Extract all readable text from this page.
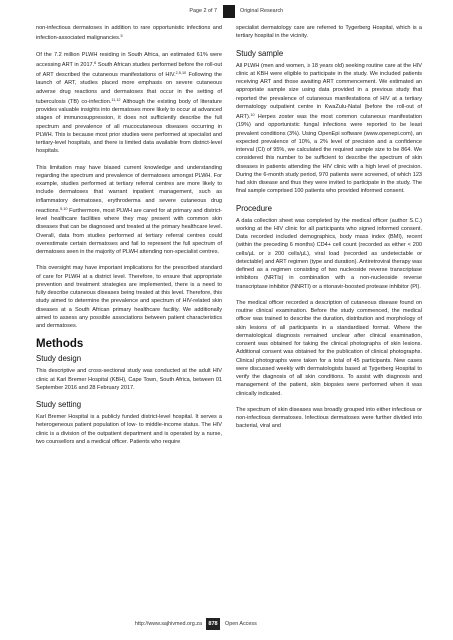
Page 2 of 7	Original Research

non-infectious dermatoses in addition to rare opportunistic infections and infection-associated malignancies.$^5$

Of the 7.2 million PLWH residing in South Africa, an estimated 61% were accessing ART in 2017.$^6$ South African studies performed before the roll-out of ART described the cutaneous manifestations of HIV.$^{2,5,10}$ Following the launch of ART, studies placed more emphasis on severe cutaneous adverse drug reactions and dermatoses that occur in the setting of tuberculosis (TB) co-infection.$^{11,12}$ Although the existing body of literature provides valuable insights into dermatoses more likely to occur at advanced stages of immunosuppression, it does not sufficiently describe the full spectrum and prevalence of all mucocutaneous diseases occurring in PLWH. This is because most prior studies were performed at specialist and tertiary-level hospitals, and there is limited data available from district-level hospitals.

This limitation may have biased current knowledge and understanding regarding the spectrum and prevalence of dermatoses amongst PLWH. For example, studies performed at tertiary referral centres are more likely to include dermatoses that warrant inpatient management, such as inflammatory dermatoses, erythroderma and severe cutaneous drug reactions.$^{5,10}$ Furthermore, most PLWH are cared for at primary and district-level healthcare facilities where they may present with common skin diseases that can be diagnosed and treated at the primary healthcare level. Overall, data from studies performed at tertiary referral centres could overestimate certain dermatoses and fail to represent the full spectrum of dermatoses seen in the majority of PLWH attending non-specialist centres.

This oversight may have important implications for the prescribed standard of care for PLWH at a district level. Therefore, to ensure that appropriate prevention and treatment strategies are implemented, there is a need to fully describe cutaneous diseases being treated at this level. Therefore, this study aimed to determine the prevalence and spectrum of HIV-related skin diseases at a South African primary healthcare facility. We additionally aimed to assess any possible associations between patient characteristics and dermatoses.

Methods
Study design

This descriptive and cross-sectional study was conducted at the adult HIV clinic at Karl Bremer Hospital (KBH), Cape Town, South Africa, between 01 September 2016 and 28 February 2017.

Study setting

Karl Bremer Hospital is a publicly funded district-level hospital. It serves a heterogeneous patient population of low- to middle-income status. The HIV clinic is a division of the outpatient department and is operated by a nurse, two counsellors and a medical officer. Patients who require

specialist dermatology care are referred to Tygerberg Hospital, which is a tertiary hospital in the vicinity.

Study sample

All PLWH (men and women, ≥ 18 years old) seeking routine care at the HIV clinic at KBH were eligible to participate in the study. We included patients receiving ART and those awaiting ART commencement. We estimated an appropriate sample size using data provided in a previous study that reported the prevalence of cutaneous manifestations of HIV at a tertiary dermatology outpatient centre in KwaZulu-Natal (before the roll-out of ART).$^{10}$ Herpes zoster was the most common cutaneous manifestation (19%) and opportunistic fungal infections were reported to be least prevalent conditions (3%). Using OpenEpi software (www.openepi.com), an expected prevalence of 10%, a 2% level of precision and a confidence interval (CI) of 95%, we calculated the required sample size to be 864. We considered this number to be sufficient to describe the spectrum of skin diseases in patients attending the HIV clinic with a high level of precision. During the 6-month study period, 970 patients were screened, of which 123 had skin disease and thus they were invited to participate in the study. The final sample comprised 100 patients who provided informed consent.

Procedure

A data collection sheet was completed by the medical officer (author S.C.) working at the HIV clinic for all participants who signed informed consent. Data recorded included demographics, body mass index (BMI), recent (within the preceding 6 months) CD4+ cell count (recorded as either < 200 cells/µL or ≥ 200 cells/µL), viral load (recorded as undetectable or detectable) and ART regimen (type and duration). Antiretroviral therapy was defined as a regimen consisting of two nucleoside reverse transcriptase inhibitors (NRTIs) in combination with a non-nucleoside reverse transcriptase inhibitor (NNRTI) or a ritonavir-boosted protease inhibitor (PI).

The medical officer recorded a description of cutaneous disease found on routine clinical examination. Before the study commenced, the medical officer was trained to describe the duration, distribution and morphology of skin lesions of all participants in a standardised format. Where the dermatological diagnosis remained unclear after clinical examination, consent was obtained for taking the clinical photographs of skin lesions. Additional consent was obtained for the publication of clinical photographs. Clinical photographs were taken for a total of 45 participants. New cases were discussed weekly with dermatologists based at Tygerberg Hospital to verify the diagnosis of all skin conditions. To assist with diagnosis and management of the patient, skin biopsies were performed when it was clinically indicated.

The spectrum of skin diseases was broadly grouped into either infectious or non-infectious dermatoses. Infectious dermatoses were further divided into bacterial, viral and

http://www.sajhivmed.org.za	878	Open Access
